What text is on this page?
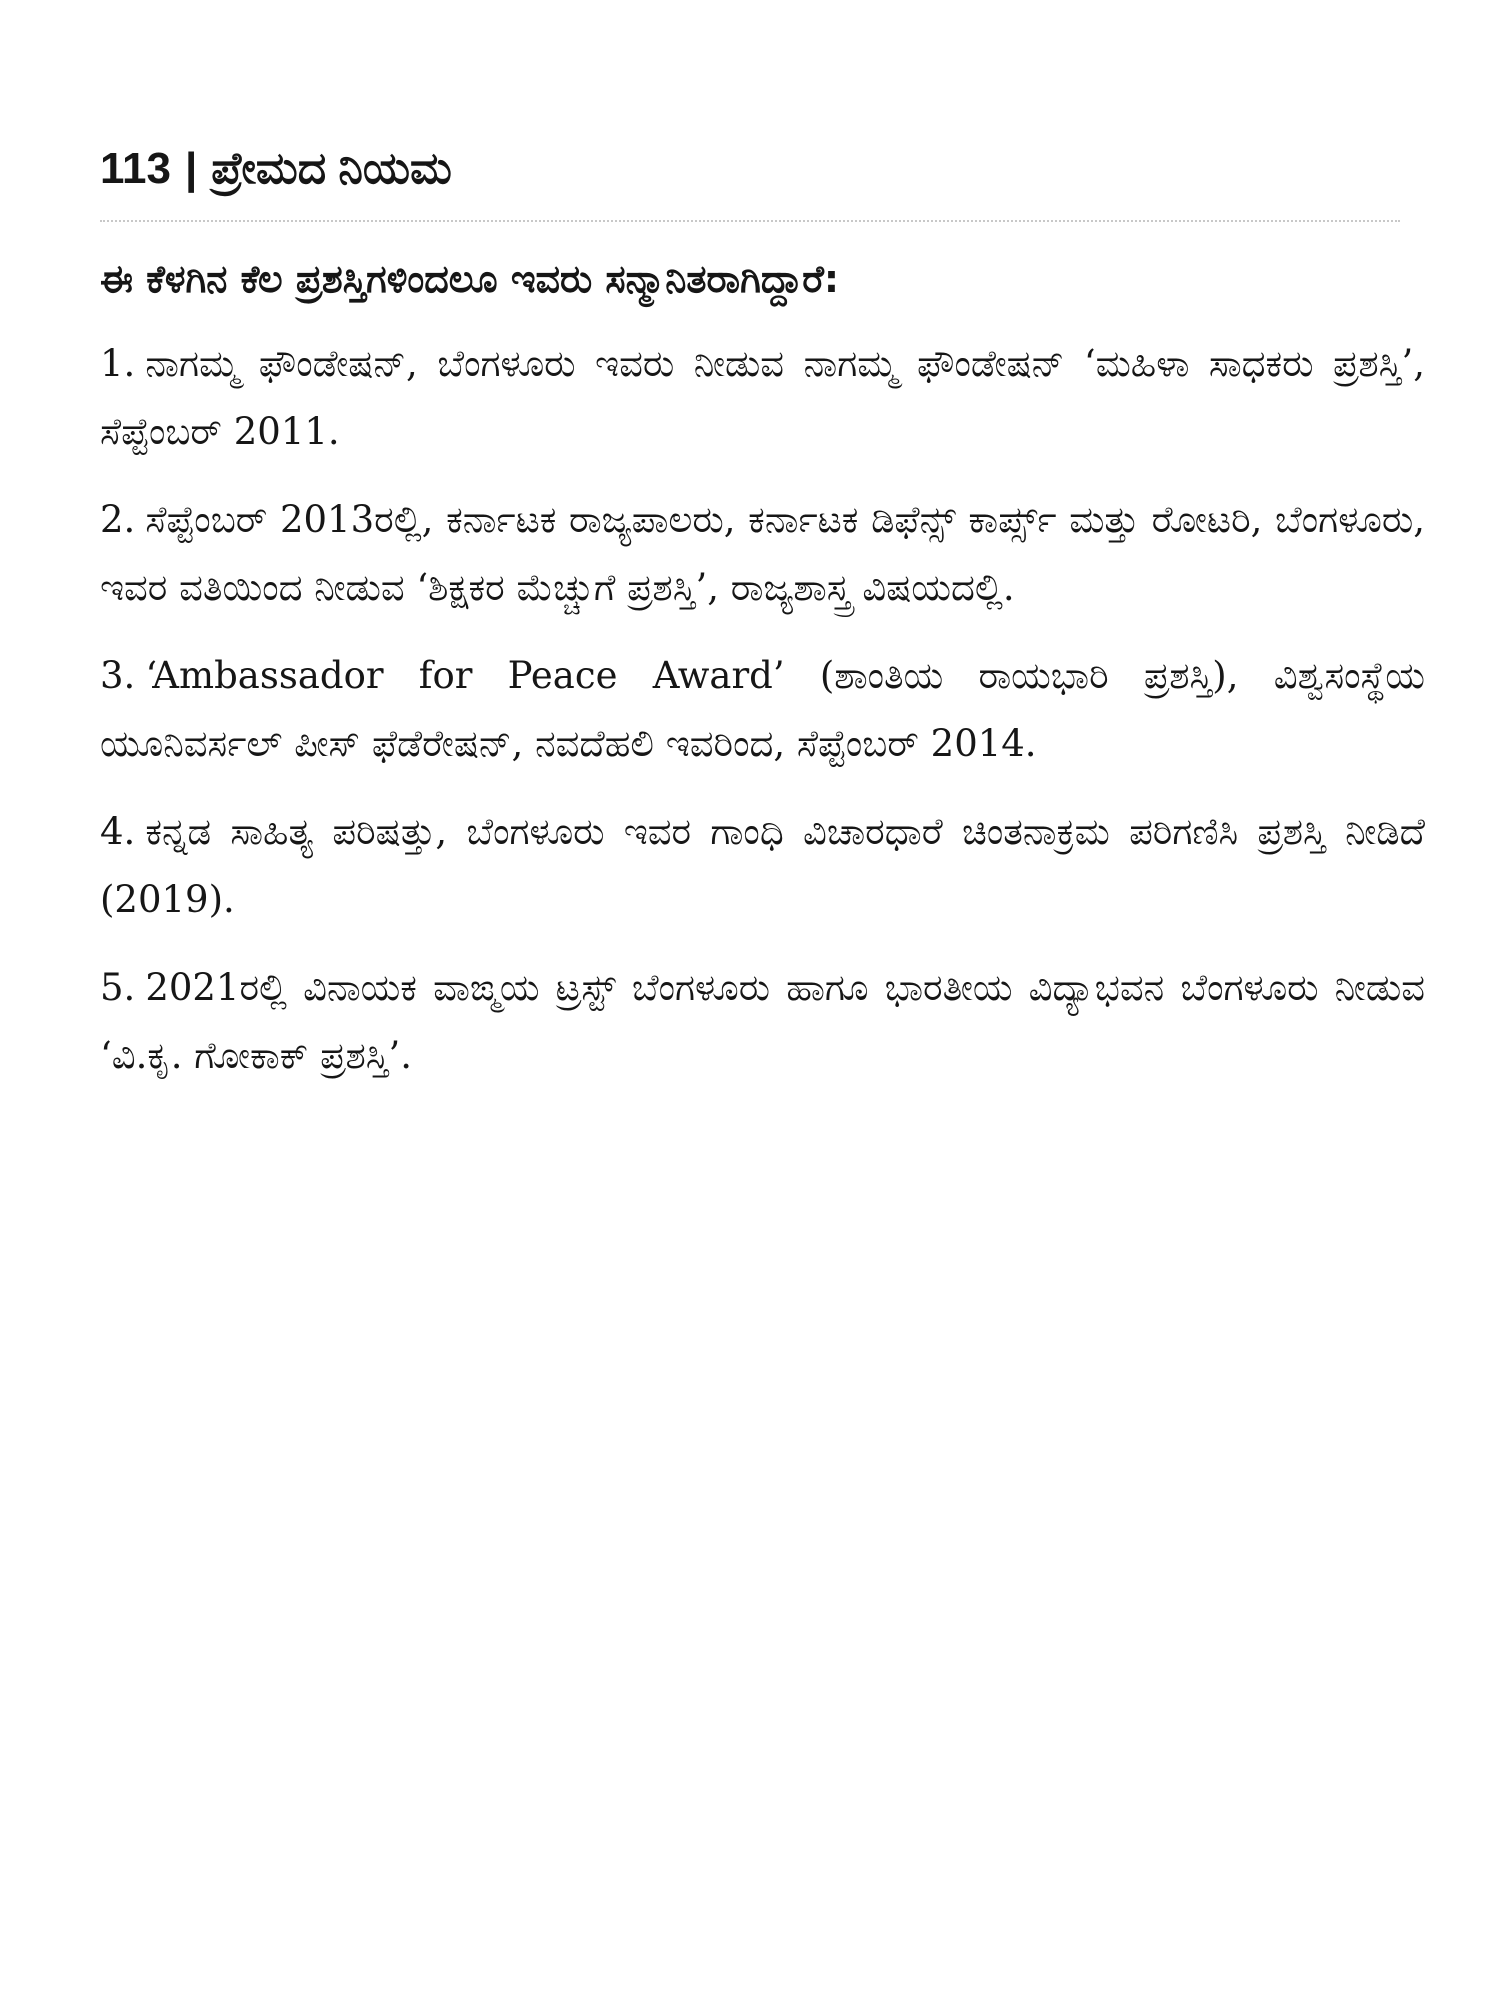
113 | ಪ್ರೇಮದ ನಿಯಮ
ಈ ಕೆಳಗಿನ ಕೆಲ ಪ್ರಶಸ್ತಿಗಳಿಂದಲೂ ಇವರು ಸನ್ಮಾನಿತರಾಗಿದ್ದಾರೆ:
1. ನಾಗಮ್ಮ ಫೌಂಡೇಷನ್, ಬೆಂಗಳೂರು ಇವರು ನೀಡುವ ನಾಗಮ್ಮ ಫೌಂಡೇಷನ್ ‘ಮಹಿಳಾ ಸಾಧಕರು ಪ್ರಶಸ್ತಿ’, ಸೆಪ್ಟೆಂಬರ್ 2011.
2. ಸೆಪ್ಟೆಂಬರ್ 2013ರಲ್ಲಿ, ಕರ್ನಾಟಕ ರಾಜ್ಯಪಾಲರು, ಕರ್ನಾಟಕ ಡಿಫೆನ್ಸ್ ಕಾರ್ಪ್ಸ್ ಮತ್ತು ರೋಟರಿ, ಬೆಂಗಳೂರು, ಇವರ ವತಿಯಿಂದ ನೀಡುವ ‘ಶಿಕ್ಷಕರ ಮೆಚ್ಚುಗೆ ಪ್ರಶಸ್ತಿ’, ರಾಜ್ಯಶಾಸ್ತ್ರ ವಿಷಯದಲ್ಲಿ.
3. ‘Ambassador for Peace Award’ (ಶಾಂತಿಯ ರಾಯಭಾರಿ ಪ್ರಶಸ್ತಿ), ವಿಶ್ವಸಂಸ್ಥೆಯ ಯೂನಿವರ್ಸಲ್ ಪೀಸ್ ಫೆಡೆರೇಷನ್, ನವದೆಹಲಿ ಇವರಿಂದ, ಸೆಪ್ಟೆಂಬರ್ 2014.
4. ಕನ್ನಡ ಸಾಹಿತ್ಯ ಪರಿಷತ್ತು, ಬೆಂಗಳೂರು ಇವರ ಗಾಂಧಿ ವಿಚಾರಧಾರೆ ಚಿಂತನಾಕ್ರಮ ಪರಿಗಣಿಸಿ ಪ್ರಶಸ್ತಿ ನೀಡಿದೆ (2019).
5. 2021ರಲ್ಲಿ ವಿನಾಯಕ ವಾಙ್ಮಯ ಟ್ರಸ್ಟ್ ಬೆಂಗಳೂರು ಹಾಗೂ ಭಾರತೀಯ ವಿದ್ಯಾಭವನ ಬೆಂಗಳೂರು ನೀಡುವ ‘ವಿ.ಕೃ. ಗೋಕಾಕ್ ಪ್ರಶಸ್ತಿ’.
